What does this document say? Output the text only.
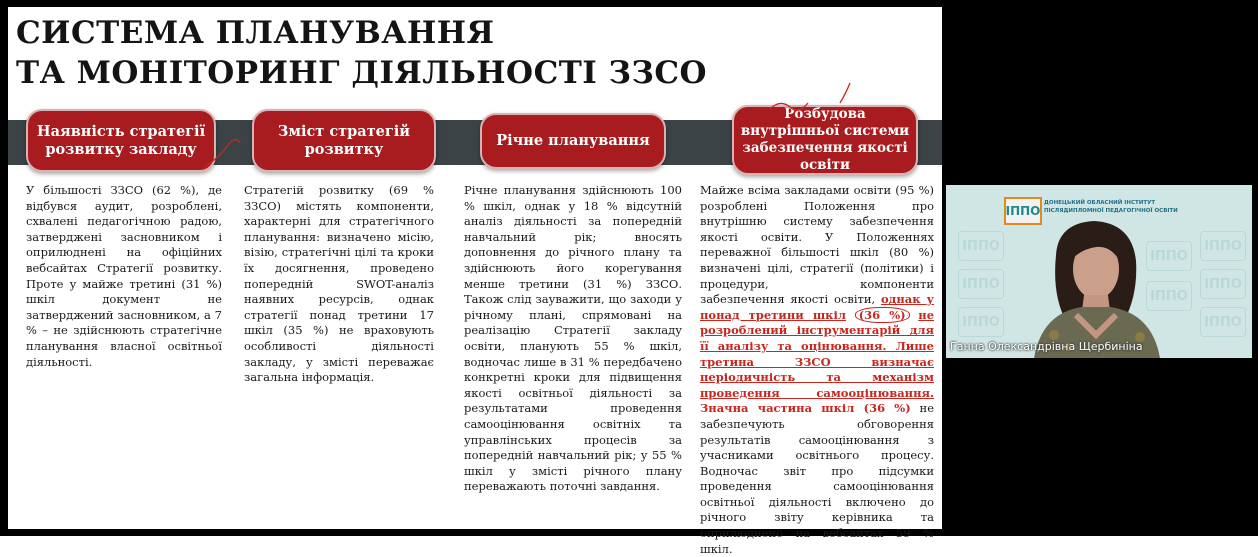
СИСТЕМА ПЛАНУВАННЯ
ТА МОНІТОРИНГ ДІЯЛЬНОСТІ ЗЗСО
Наявність стратегії розвитку закладу
Зміст стратегій розвитку	Річне планування
Розбудова внутрішньої системи забезпечення якості освіти

У більшості ЗЗСО (62 %), де відбувся аудит, розроблені, схвалені педагогічною радою, затверджені засновником і оприлюднені на офіційних вебсайтах Стратегії розвитку. Проте у майже третині (31 %) шкіл документ не затверджений засновником, а 7 % – не здійснюють стратегічне планування власної освітньої діяльності.

Стратегій розвитку (69 % ЗЗСО) містять компоненти, характерні для стратегічного планування: визначено місію, візію, стратегічні цілі та кроки їх досягнення, проведено попередній SWOT-аналіз наявних ресурсів, однак стратегії понад третини 17 шкіл (35 %) не враховують особливості діяльності закладу, у змісті переважає загальна інформація.

Річне планування здійснюють 100 % шкіл, однак у 18 % відсутній аналіз діяльності за попередній навчальний рік; вносять доповнення до річного плану та здійснюють його корегування менше третини (31 %) ЗЗСО. Також слід зауважити, що заходи у річному плані, спрямовані на реалізацію Стратегії закладу освіти, планують 55 % шкіл, водночас лише в 31 % передбачено конкретні кроки для підвищення якості освітньої діяльності за результатами проведення самооцінювання освітніх та управлінських процесів за попередній навчальний рік; у 55 % шкіл у змісті річного плану переважають поточні завдання.

Майже всіма закладами освіти (95 %) розроблені Положення про внутрішню систему забезпечення якості освіти. У Положеннях переважної більшості шкіл (80 %) визначені цілі, стратегії (політики) і процедури, компоненти забезпечення якості освіти, однак у понад третини шкіл (36 %) не розроблений інструментарій для її аналізу та оцінювання. Лише третина ЗЗСО визначає періодичність та механізм проведення самооцінювання. Значна частина шкіл (36 %) не забезпечують обговорення результатів самооцінювання з учасниками освітнього процесу. Водночас звіт про підсумки проведення самооцінювання освітньої діяльності включено до річного звіту керівника та оприлюднено на вебсайтах 59 % шкіл.

IППО
IППО
IППО
IППО
IППО
IППО
IППО
IППО
IППО
ДОНЕЦЬКИЙ ОБЛАСНИЙ ІНСТИТУТ ПІСЛЯДИПЛОМНОЇ ПЕДАГОГІЧНОЇ ОСВІТИ
Ганна Олександрівна Щербиніна
